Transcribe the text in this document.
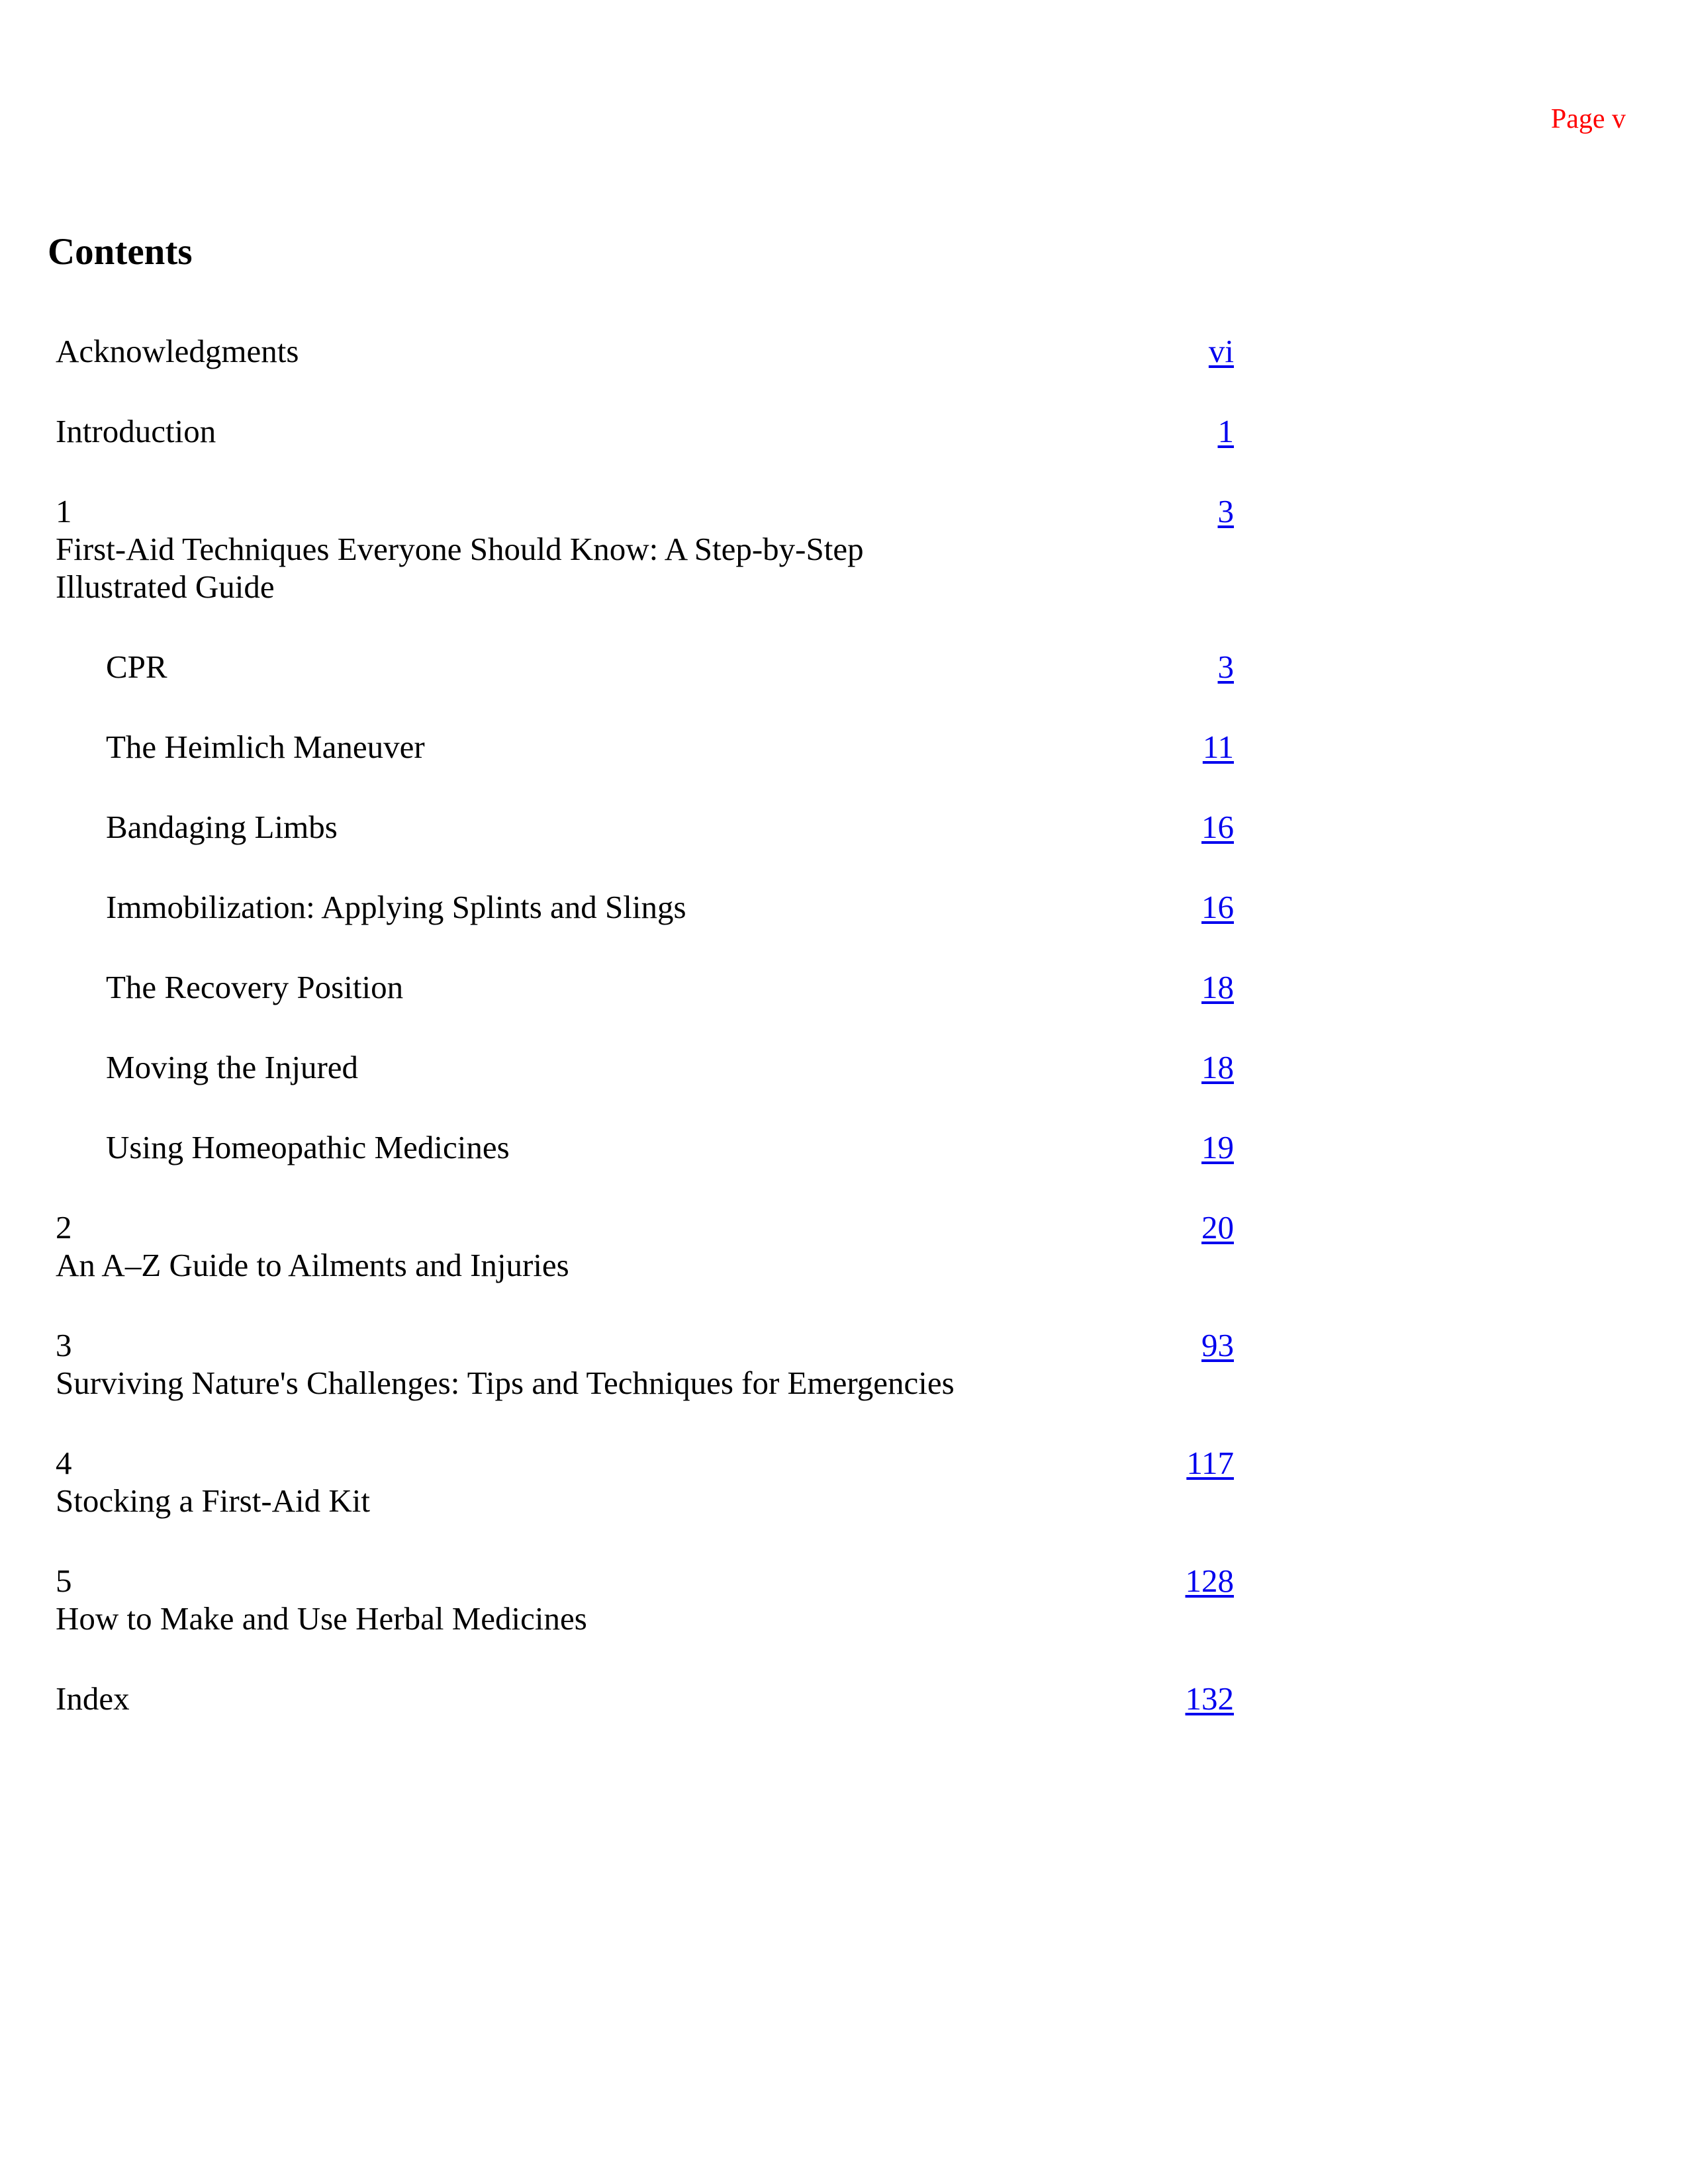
Page v
Contents
Acknowledgments	vi
Introduction	1

1
First-Aid Techniques Everyone Should Know: A Step-by-Step Illustrated Guide	3
CPR	3
The Heimlich Maneuver	11
Bandaging Limbs	16
Immobilization: Applying Splints and Slings	16
The Recovery Position	18
Moving the Injured	18
Using Homeopathic Medicines	19

2
An A–Z Guide to Ailments and Injuries	20

3
Surviving Nature's Challenges: Tips and Techniques for Emergencies	93

4
Stocking a First-Aid Kit	117

5
How to Make and Use Herbal Medicines	128
Index	132
